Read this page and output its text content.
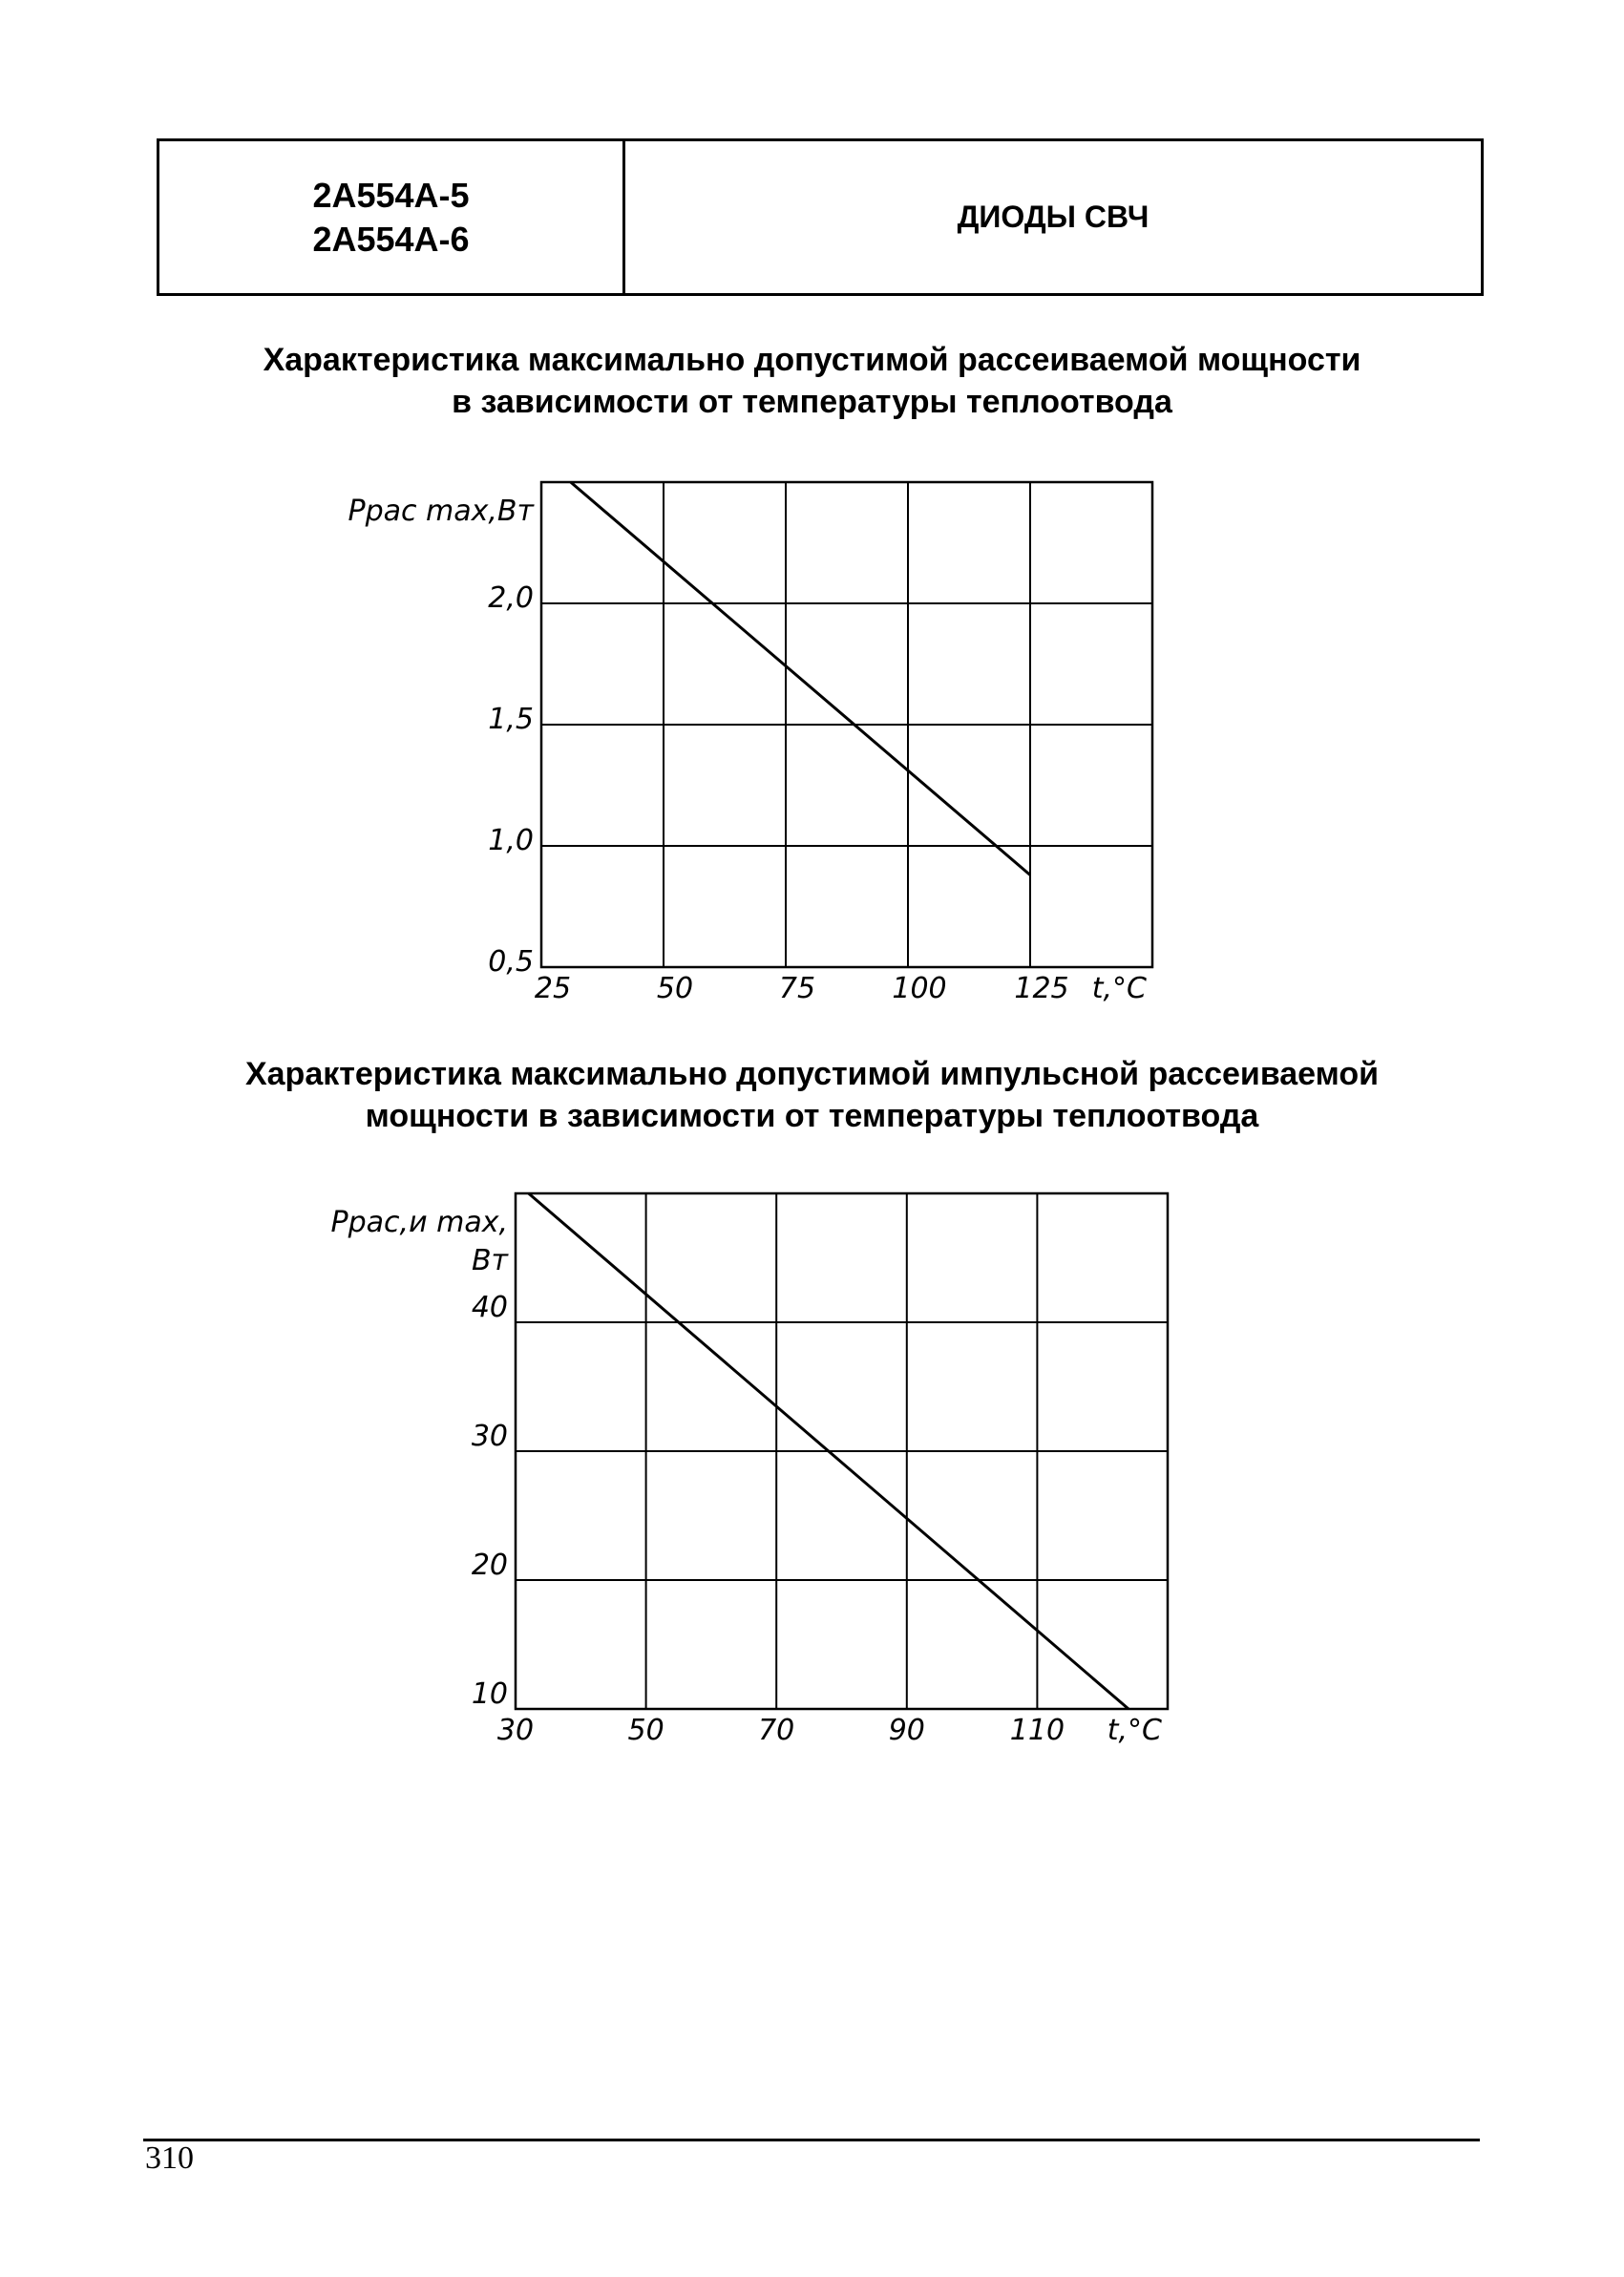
2А554А-5
2А554А-6
ДИОДЫ СВЧ
Характеристика максимально допустимой рассеиваемой мощности
в зависимости от температуры теплоотвода
25	50	75	100 125
0,5
1,0
1,5
2,0
t,°С
Pрас max,Вт
Характеристика максимально допустимой импульсной рассеиваемой
мощности в зависимости от температуры теплоотвода
30	50	70	90	110
10
20
30
40
t,°С
Pрас,и max,
Вт
310
